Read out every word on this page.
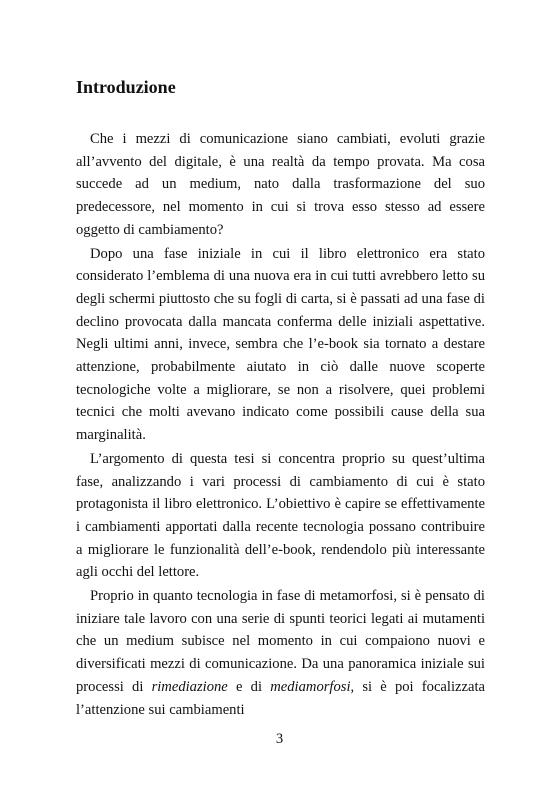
Introduzione

Che i mezzi di comunicazione siano cambiati, evoluti grazie all’avvento del digitale, è una realtà da tempo provata. Ma cosa succede ad un medium, nato dalla trasformazione del suo predecessore, nel momento in cui si trova esso stesso ad essere oggetto di cambiamento?

Dopo una fase iniziale in cui il libro elettronico era stato considerato l’emblema di una nuova era in cui tutti avrebbero letto su degli schermi piuttosto che su fogli di carta, si è passati ad una fase di declino provocata dalla mancata conferma delle iniziali aspettative. Negli ultimi anni, invece, sembra che l’e-book sia tornato a destare attenzione, probabilmente aiutato in ciò dalle nuove scoperte tecnologiche volte a migliorare, se non a risolvere, quei problemi tecnici che molti avevano indicato come possibili cause della sua marginalità.

L’argomento di questa tesi si concentra proprio su quest’ultima fase, analizzando i vari processi di cambiamento di cui è stato protagonista il libro elettronico. L’obiettivo è capire se effettivamente i cambiamenti apportati dalla recente tecnologia possano contribuire a migliorare le funzionalità dell’e-book, rendendolo più interessante agli occhi del lettore.

Proprio in quanto tecnologia in fase di metamorfosi, si è pensato di iniziare tale lavoro con una serie di spunti teorici legati ai mutamenti che un medium subisce nel momento in cui compaiono nuovi e diversificati mezzi di comunicazione. Da una panoramica iniziale sui processi di rimediazione e di mediamorfosi, si è poi focalizzata l’attenzione sui cambiamenti

3
